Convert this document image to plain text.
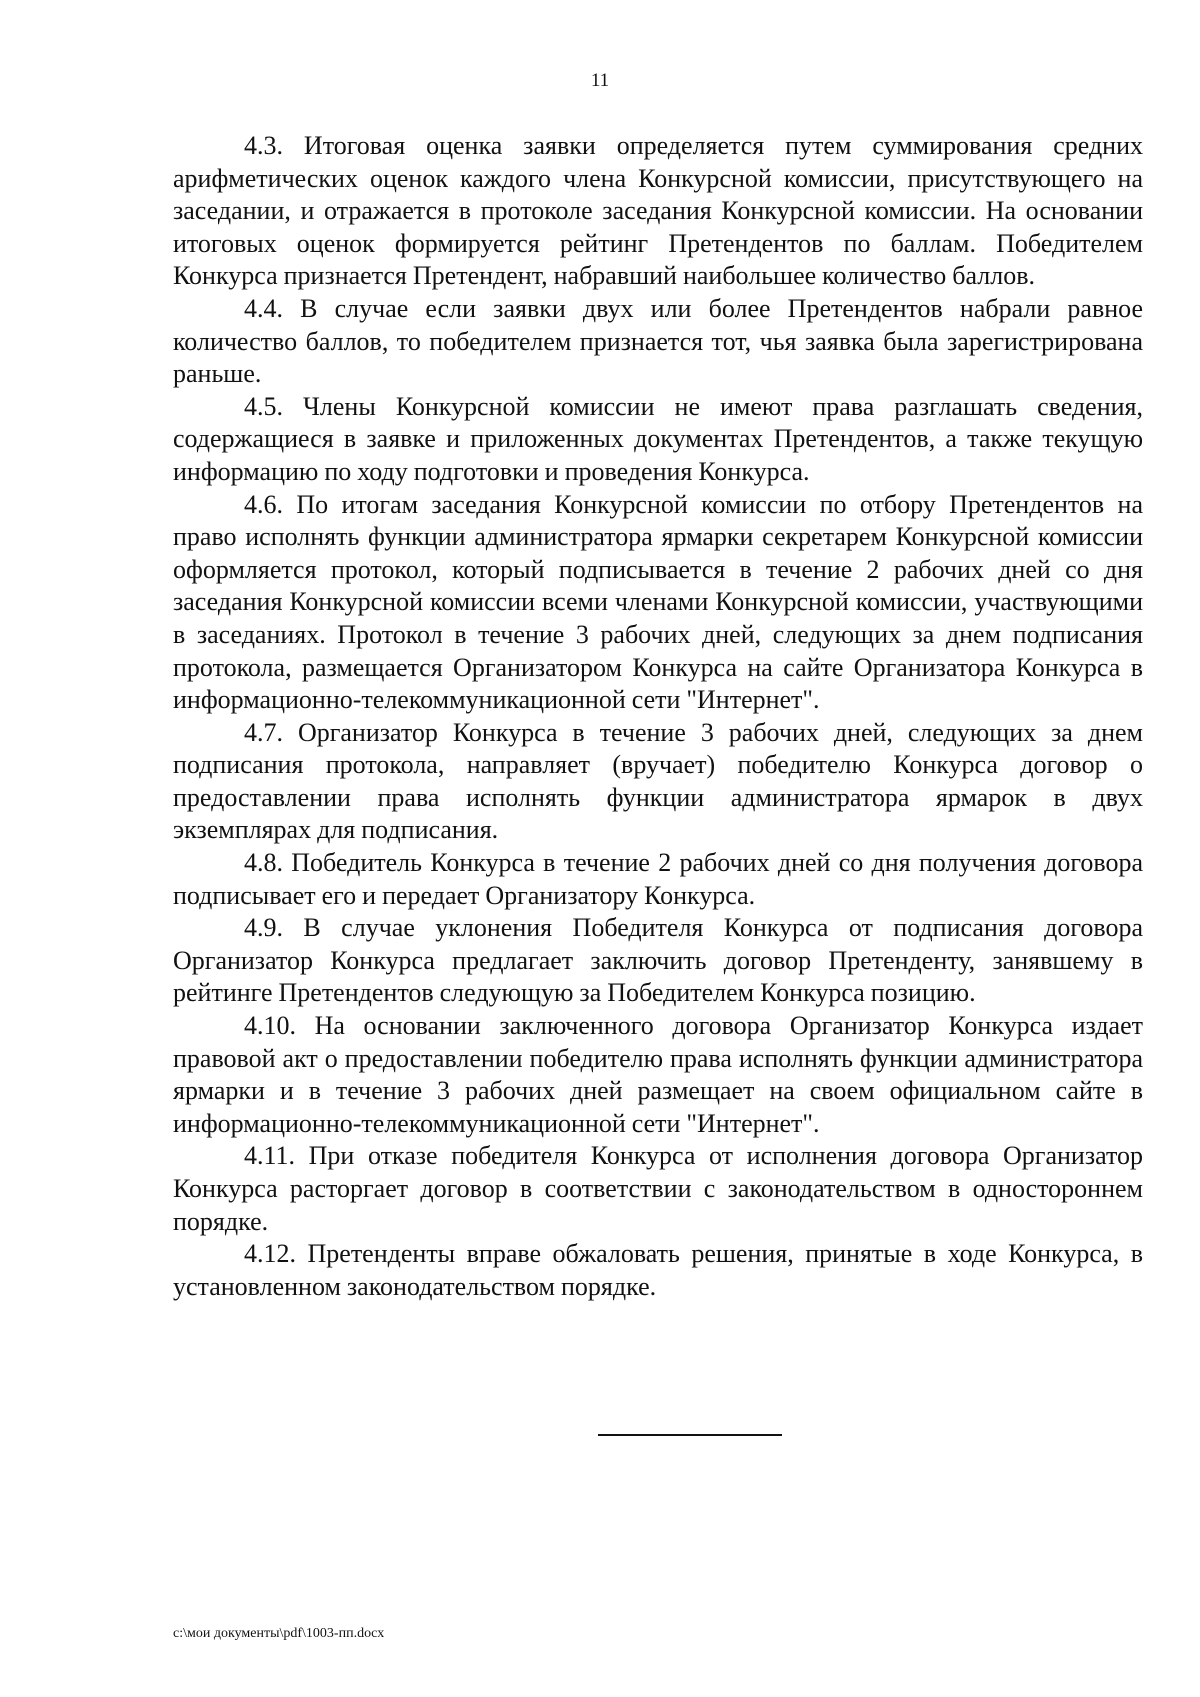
11

4.3. Итоговая оценка заявки определяется путем суммирования средних арифметических оценок каждого члена Конкурсной комиссии, присутствующего на заседании, и отражается в протоколе заседания Конкурсной комиссии. На основании итоговых оценок формируется рейтинг Претендентов по баллам. Победителем Конкурса признается Претендент, набравший наибольшее количество баллов.

4.4. В случае если заявки двух или более Претендентов набрали равное количество баллов, то победителем признается тот, чья заявка была зарегистрирована раньше.

4.5. Члены Конкурсной комиссии не имеют права разглашать сведения, содержащиеся в заявке и приложенных документах Претендентов, а также текущую информацию по ходу подготовки и проведения Конкурса.

4.6. По итогам заседания Конкурсной комиссии по отбору Претендентов на право исполнять функции администратора ярмарки секретарем Конкурсной комиссии оформляется протокол, который подписывается в течение 2 рабочих дней со дня заседания Конкурсной комиссии всеми членами Конкурсной комиссии, участвующими в заседаниях. Протокол в течение 3 рабочих дней, следующих за днем подписания протокола, размещается Организатором Конкурса на сайте Организатора Конкурса в информационно-телекоммуникационной сети "Интернет".

4.7. Организатор Конкурса в течение 3 рабочих дней, следующих за днем подписания протокола, направляет (вручает) победителю Конкурса договор о предоставлении права исполнять функции администратора ярмарок в двух экземплярах для подписания.

4.8. Победитель Конкурса в течение 2 рабочих дней со дня получения договора подписывает его и передает Организатору Конкурса.

4.9. В случае уклонения Победителя Конкурса от подписания договора Организатор Конкурса предлагает заключить договор Претенденту, занявшему в рейтинге Претендентов следующую за Победителем Конкурса позицию.

4.10. На основании заключенного договора Организатор Конкурса издает правовой акт о предоставлении победителю права исполнять функции администратора ярмарки и в течение 3 рабочих дней размещает на своем официальном сайте в информационно-телекоммуникационной сети "Интернет".

4.11. При отказе победителя Конкурса от исполнения договора Организатор Конкурса расторгает договор в соответствии с законодательством в одностороннем порядке.

4.12. Претенденты вправе обжаловать решения, принятые в ходе Конкурса, в установленном законодательством порядке.

c:\мои документы\pdf\1003-пп.docx
